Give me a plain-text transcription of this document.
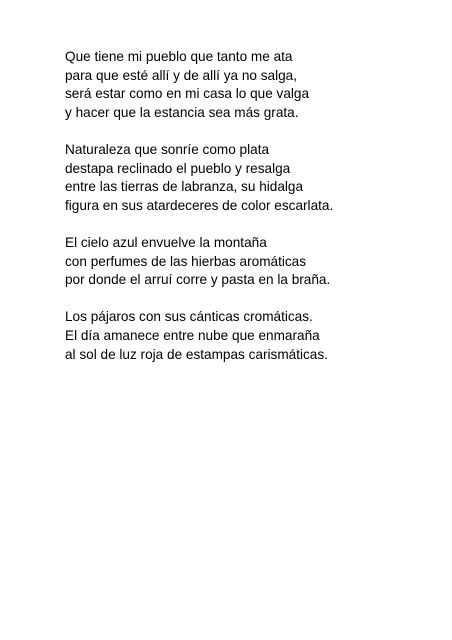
Que tiene mi pueblo que tanto me ata
para que esté allí y de allí ya no salga,
será estar como en mi casa lo que valga
y hacer que la estancia sea más grata.
Naturaleza que sonríe como plata
destapa reclinado el pueblo y resalga
entre las tierras de labranza, su hidalga
figura en sus atardeceres de color escarlata.
El cielo azul envuelve la montaña
con perfumes de las hierbas aromáticas
por donde el arruí corre y pasta en la braña.
Los pájaros con sus cánticas cromáticas.
El día amanece entre nube que enmaraña
al sol de luz roja de estampas carismáticas.
